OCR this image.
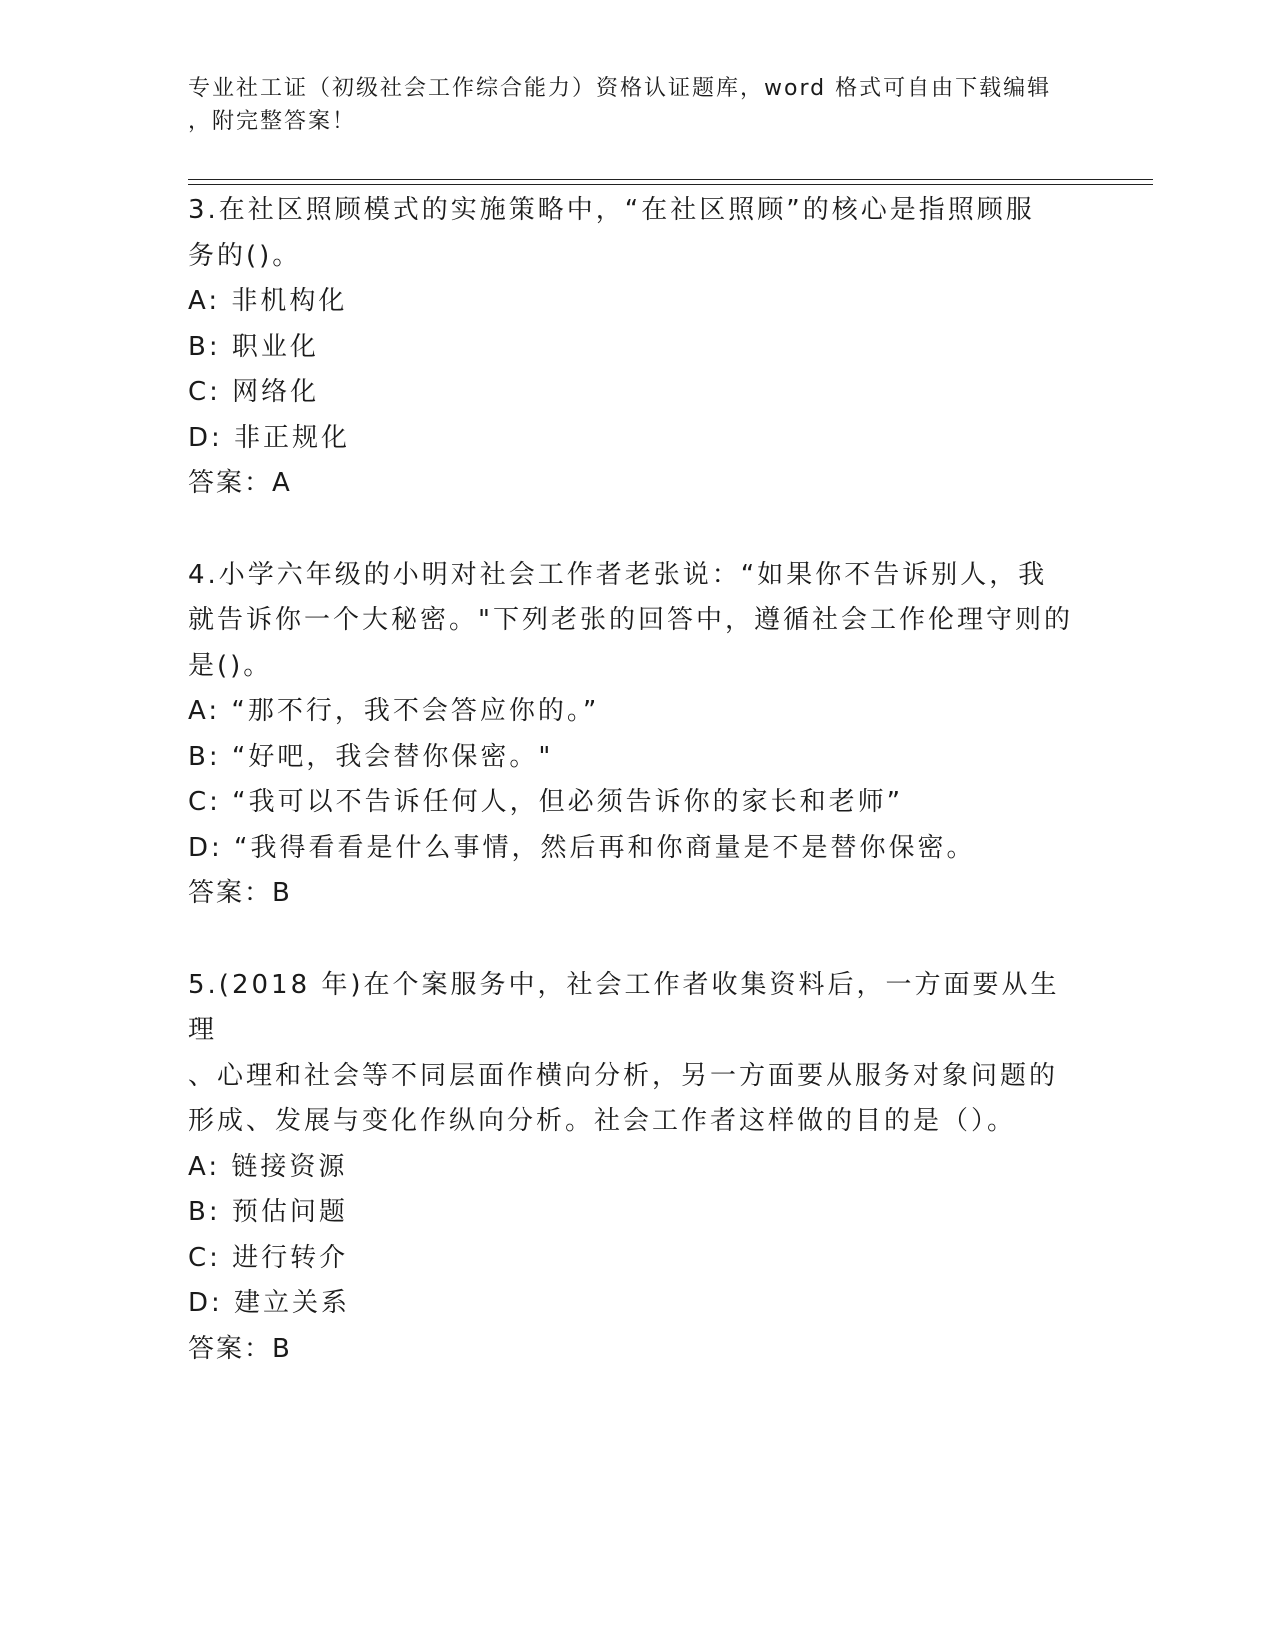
专业社工证（初级社会工作综合能力）资格认证题库，word 格式可自由下载编辑
，附完整答案！
3.在社区照顾模式的实施策略中，“在社区照顾”的核心是指照顾服
务的()。
A: 非机构化
B: 职业化
C: 网络化
D: 非正规化
答案：A
4.小学六年级的小明对社会工作者老张说：“如果你不告诉别人，我
就告诉你一个大秘密。"下列老张的回答中，遵循社会工作伦理守则的
是()。
A: “那不行，我不会答应你的。”
B: “好吧，我会替你保密。"
C: “我可以不告诉任何人，但必须告诉你的家长和老师”
D: “我得看看是什么事情，然后再和你商量是不是替你保密。
答案：B
5.(2018 年)在个案服务中，社会工作者收集资料后，一方面要从生理
、心理和社会等不同层面作横向分析，另一方面要从服务对象问题的
形成、发展与变化作纵向分析。社会工作者这样做的目的是（）。
A: 链接资源
B: 预估问题
C: 进行转介
D: 建立关系
答案：B
